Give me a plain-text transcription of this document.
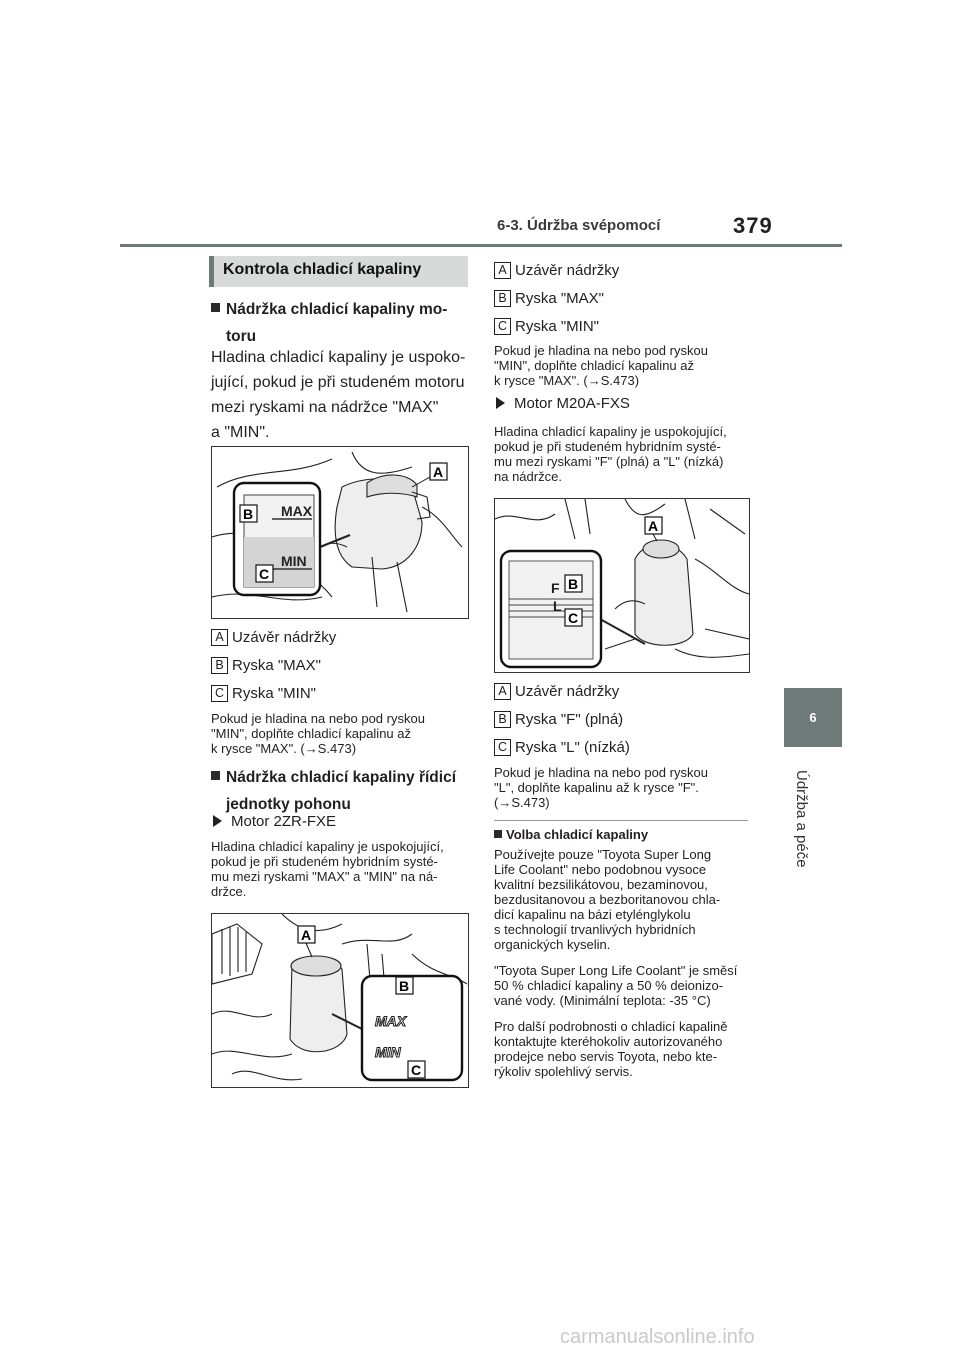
6-3. Údržba svépomocí	379
6
Údržba a péče
Kontrola chladicí kapaliny
Nádržka chladicí kapaliny mo-
toru
Hladina chladicí kapaliny je uspoko-
jující, pokud je při studeném motoru
mezi ryskami na nádržce "MAX"
a "MIN".
MAX
MIN
B
C
A
A Uzávěr nádržky
B Ryska "MAX"
C Ryska "MIN"
Pokud je hladina na nebo pod ryskou
"MIN", doplňte chladicí kapalinu až
k rysce "MAX". (→S.473)
Nádržka chladicí kapaliny řídicí
jednotky pohonu
Motor 2ZR-FXE
Hladina chladicí kapaliny je uspokojující,
pokud je při studeném hybridním systé-
mu mezi ryskami "MAX" a "MIN" na ná-
držce.
MAX
MIN
A
B
C
A Uzávěr nádržky
B Ryska "MAX"
C Ryska "MIN"
Pokud je hladina na nebo pod ryskou
"MIN", doplňte chladicí kapalinu až
k rysce "MAX". (→S.473)
Motor M20A-FXS
Hladina chladicí kapaliny je uspokojující,
pokud je při studeném hybridním systé-
mu mezi ryskami "F" (plná) a "L" (nízká)
na nádržce.
F
L
B
C
A
A Uzávěr nádržky
B Ryska "F" (plná)
C Ryska "L" (nízká)
Pokud je hladina na nebo pod ryskou
"L", doplňte kapalinu až k rysce "F".
(→S.473)
Volba chladicí kapaliny
Používejte pouze "Toyota Super Long
Life Coolant" nebo podobnou vysoce
kvalitní bezsilikátovou, bezaminovou,
bezdusitanovou a bezboritanovou chla-
dicí kapalinu na bázi etylénglykolu
s technologií trvanlivých hybridních
organických kyselin.
"Toyota Super Long Life Coolant" je směsí
50 % chladicí kapaliny a 50 % deionizo-
vané vody. (Minimální teplota: -35 °C)
Pro další podrobnosti o chladicí kapalině
kontaktujte kteréhokoliv autorizovaného
prodejce nebo servis Toyota, nebo kte-
rýkoliv spolehlivý servis.
carmanualsonline.info
